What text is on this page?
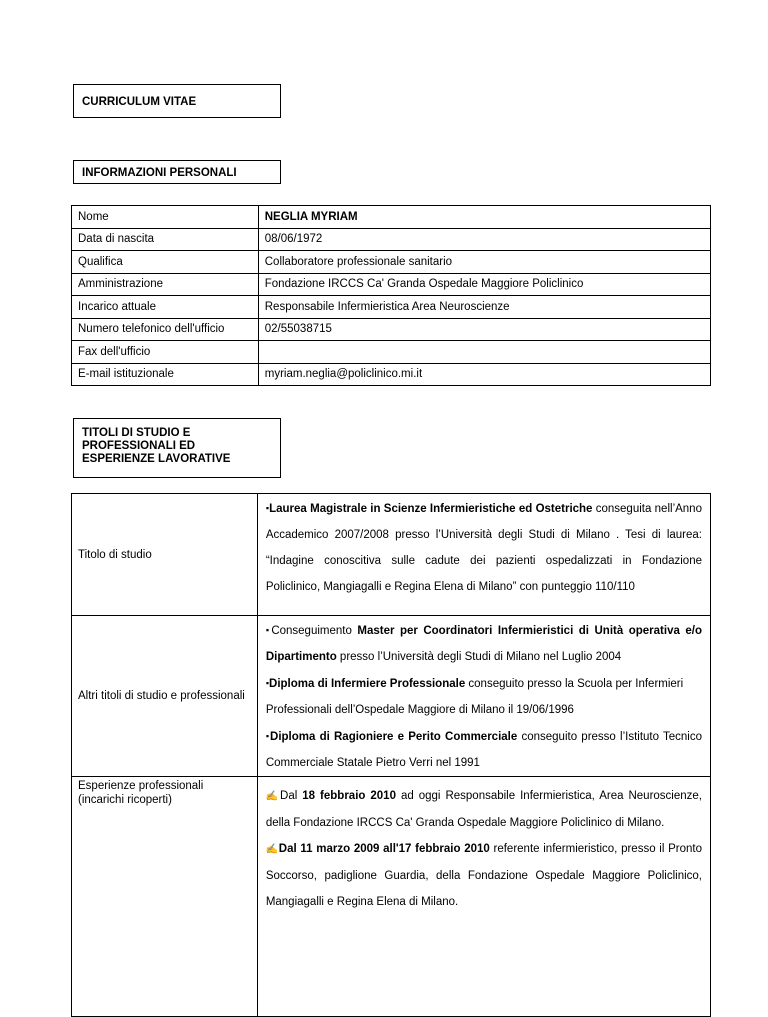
CURRICULUM VITAE
INFORMAZIONI PERSONALI
Nome	NEGLIA MYRIAM
Data di nascita	08/06/1972
Qualifica	Collaboratore professionale sanitario
Amministrazione	Fondazione IRCCS Ca' Granda Ospedale Maggiore Policlinico
Incarico attuale	Responsabile Infermieristica Area Neuroscienze
Numero telefonico dell'ufficio	02/55038715
Fax dell'ufficio	
E-mail istituzionale	myriam.neglia@policlinico.mi.it
TITOLI DI STUDIO E
PROFESSIONALI ED
ESPERIENZE LAVORATIVE
Titolo di studio	▪Laurea Magistrale in Scienze Infermieristiche ed Ostetriche conseguita nell’Anno Accademico 2007/2008 presso l’Università degli Studi di Milano . Tesi di laurea: “Indagine conoscitiva sulle cadute dei pazienti ospedalizzati in Fondazione Policlinico, Mangiagalli e Regina Elena di Milano” con punteggio 110/110

Altri titoli di studio e professionali	▪Conseguimento Master per Coordinatori Infermieristici di Unità operativa e/o Dipartimento presso l’Università degli Studi di Milano nel Luglio 2004

▪Diploma di Infermiere Professionale conseguito presso la Scuola per Infermieri Professionali dell’Ospedale Maggiore di Milano il 19/06/1996

▪Diploma di Ragioniere e Perito Commerciale conseguito presso l’Istituto Tecnico Commerciale Statale Pietro Verri nel 1991

Esperienze professionali (incarichi ricoperti)	✍Dal 18 febbraio 2010 ad oggi Responsabile Infermieristica, Area Neuroscienze, della Fondazione IRCCS Ca' Granda Ospedale Maggiore Policlinico di Milano.

✍Dal 11 marzo 2009 all'17 febbraio 2010 referente infermieristico, presso il Pronto Soccorso, padiglione Guardia, della Fondazione Ospedale Maggiore Policlinico, Mangiagalli e Regina Elena di Milano.
